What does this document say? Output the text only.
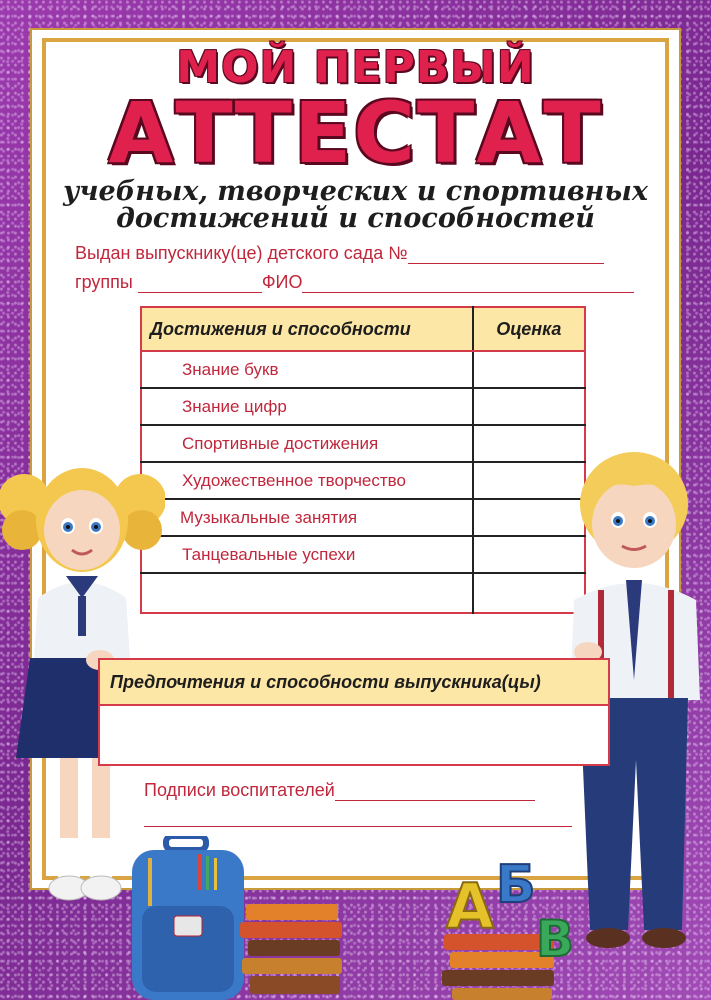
МОЙ ПЕРВЫЙ
АТТЕСТАТ
учебных, творческих и спортивных
достижений и способностей
Выдан выпускнику(це) детского сада №
группы	ФИО
Достижения и способности	Оценка
Знание букв	
Знание цифр	
Спортивные достижения	
Художественное творчество	
Музыкальные занятия	
Танцевальные успехи	

Предпочтения и способности выпускника(цы)
Подписи воспитателей
А Б
В
